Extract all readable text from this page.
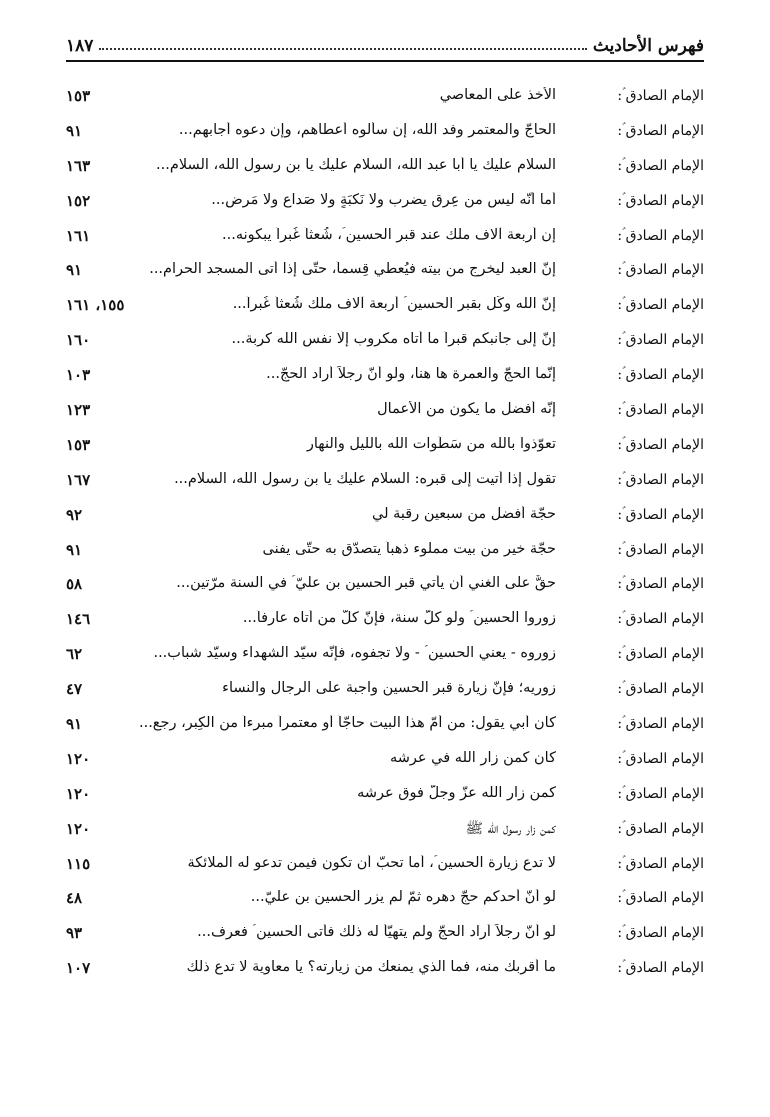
فهرس الأحاديث
١٨٧
الإمام الصادق ؑ:
الأخذ على المعاصي
١٥٣
الإمام الصادق ؑ:
الحاجّ والمعتمر وفد الله، إن سألوه أعطاهم، وإن دعوه أجابهم...
٩١
الإمام الصادق ؑ:
السلام عليك يا أبا عبد الله، السلام عليك يا بن رسول الله، السلام...
١٦٣
الإمام الصادق ؑ:
أما أنّه ليس من عِرقٍ يضرب ولا نَكبَةٍ ولا صَداع ولا مَرضٍ...
١٥٢
الإمام الصادق ؑ:
إن أربعة آلاف ملك عند قبر الحسين ؑ، شُعثاً غُبراً يبكونه...
١٦١
الإمام الصادق ؑ:
إنّ العبد ليخرج من بيته فيُعطي قِسماً، حتّى إذا أتى المسجد الحرام...
٩١
الإمام الصادق ؑ:
إنّ الله وكّل بقبر الحسين ؑ أربعة آلاف ملك شُعثاً غُبراً...
١٥٥، ١٦١
الإمام الصادق ؑ:
إنّ إلى جانبكم قبراً ما أتاه مكروب إلّا نفس الله كربة...
١٦٠
الإمام الصادق ؑ:
إنّما الحجّ والعمرة ها هنا، ولو أنّ رجلاً أراد الحجّ...
١٠٣
الإمام الصادق ؑ:
إنّه أفضل ما يكون من الأعمال
١٢٣
الإمام الصادق ؑ:
تعوّذوا بالله من سَطَوات الله بالليل والنهار
١٥٣
الإمام الصادق ؑ:
تقول إذا أتيت إلى قبره: السلام عليك يا بن رسول الله، السلام...
١٦٧
الإمام الصادق ؑ:
حجّة أفضل من سبعين رقبة لي
٩٢
الإمام الصادق ؑ:
حجّة خير من بيت مملوء ذهباً يتصدّق به حتّى يفنى
٩١
الإمام الصادق ؑ:
حقٌّ على الغني أن يأتي قبر الحسين بن عليّ ؑ في السنة مرّتين...
٥٨
الإمام الصادق ؑ:
زوروا الحسين ؑ ولو كلّ سنة، فإنّ كلّ من أتاه عارفاً...
١٤٦
الإمام الصادق ؑ:
زوروه - يعني الحسين ؑ - ولا تجفوه، فإنّه سيّد الشهداء وسيّد شباب...
٦٢
الإمام الصادق ؑ:
زوريه؛ فإنّ زيارة قبر الحسين واجبة على الرجال والنساء
٤٧
الإمام الصادق ؑ:
كان أبي يقول: من أمّ هذا البيت حاجّاً أو معتمراً مبرءاً من الكِبر، رجع...
٩١
الإمام الصادق ؑ:
كان كمن زار الله في عرشه
١٢٠
الإمام الصادق ؑ:
كمن زار الله عزّ وجلّ فوق عرشه
١٢٠
الإمام الصادق ؑ:
كمن زار رسول الله ﷺ
١٢٠
الإمام الصادق ؑ:
لا تدع زيارة الحسين ؑ، أما تحبّ أن تكون فيمن تدعو له الملائكة
١١٥
الإمام الصادق ؑ:
لو أنّ أحدكم حجّ دهره ثمّ لم يزر الحسين بن عليّ...
٤٨
الإمام الصادق ؑ:
لو أنّ رجلاً أراد الحجّ ولم يتهيّأ له ذلك فأتى الحسين ؑ فعرف...
٩٣
الإمام الصادق ؑ:
ما أقربك منه، فما الذي يمنعك من زيارته؟ يا معاوية لا تدع ذلك
١٠٧
